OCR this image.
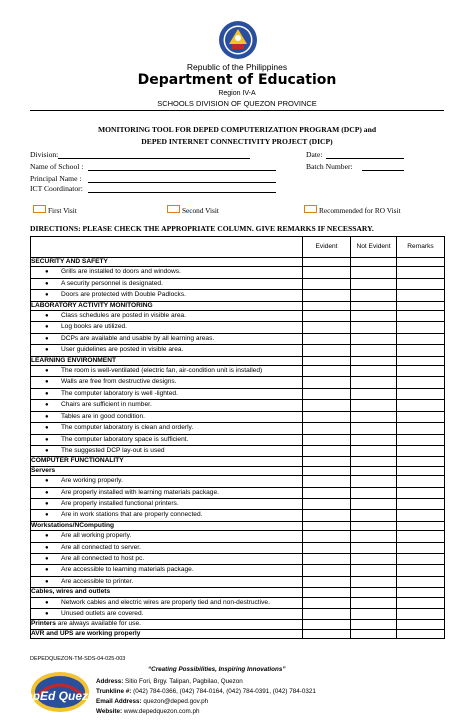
Republic of the Philippines
Department of Education
Region IV-A
SCHOOLS DIVISION OF QUEZON PROVINCE
MONITORING TOOL FOR DEPED COMPUTERIZATION PROGRAM (DCP) and
DEPED INTERNET CONNECTIVITY PROJECT (DICP)
Division:
Name of School :
Principal Name :
ICT Coordinator:
Date:
Batch Number:
First Visit	Second Visit	Recommended for RO Visit
DIRECTIONS: PLEASE CHECK THE APPROPRIATE COLUMN. GIVE REMARKS IF NECESSARY.
	Evident	Not Evident	Remarks
SECURITY AND SAFETY			

● Grills are installed to doors and windows.			

● A security personnel is designated.			

● Doors are protected with Double Padlocks.			

LABORATORY ACTIVITY MONITORING			

● Class schedules are posted in visible area.			

● Log books are utilized.			

● DCPs are available and usable by all learning areas.			

● User guidelines are posted in visible area.			

LEARNING ENVIRONMENT			

● The room is well-ventilated (electric fan, air-condition unit is installed)			

● Walls are free from destructive designs.			

● The computer laboratory is well -lighted.			

● Chairs are sufficient in number.			

● Tables are in good condition.			

● The computer laboratory is clean and orderly.			

● The computer laboratory space is sufficient.			

● The suggested DCP lay-out is used			

COMPUTER FUNCTIONALITY			
Servers			

● Are working properly.			

● Are properly installed with learning materials package.			

● Are properly installed functional printers.			

● Are in work stations that are properly connected.			

Workstations/NComputing			

● Are all working properly.			

● Are all connected to server.			

● Are all connected to host pc.			

● Are accessible to learning materials package.			

● Are accessible to printer.			

Cables, wires and outlets			

● Network cables and electric wires are properly tied and non-destructive.			

● Unused outlets are covered.			

Printers are always available for use.			
AVR and UPS are working properly			
DEPEDQUEZON-TM-SDS-04-025-003
DepEd Quezon
“Creating Possibilities, Inspiring Innovations”
Address: Sitio Fori, Brgy. Talipan, Pagbilao, Quezon
Trunkline #: (042) 784-0366, (042) 784-0164, (042) 784-0391, (042) 784-0321
Email Address: quezon@deped.gov.ph
Website: www.depedquezon.com.ph
